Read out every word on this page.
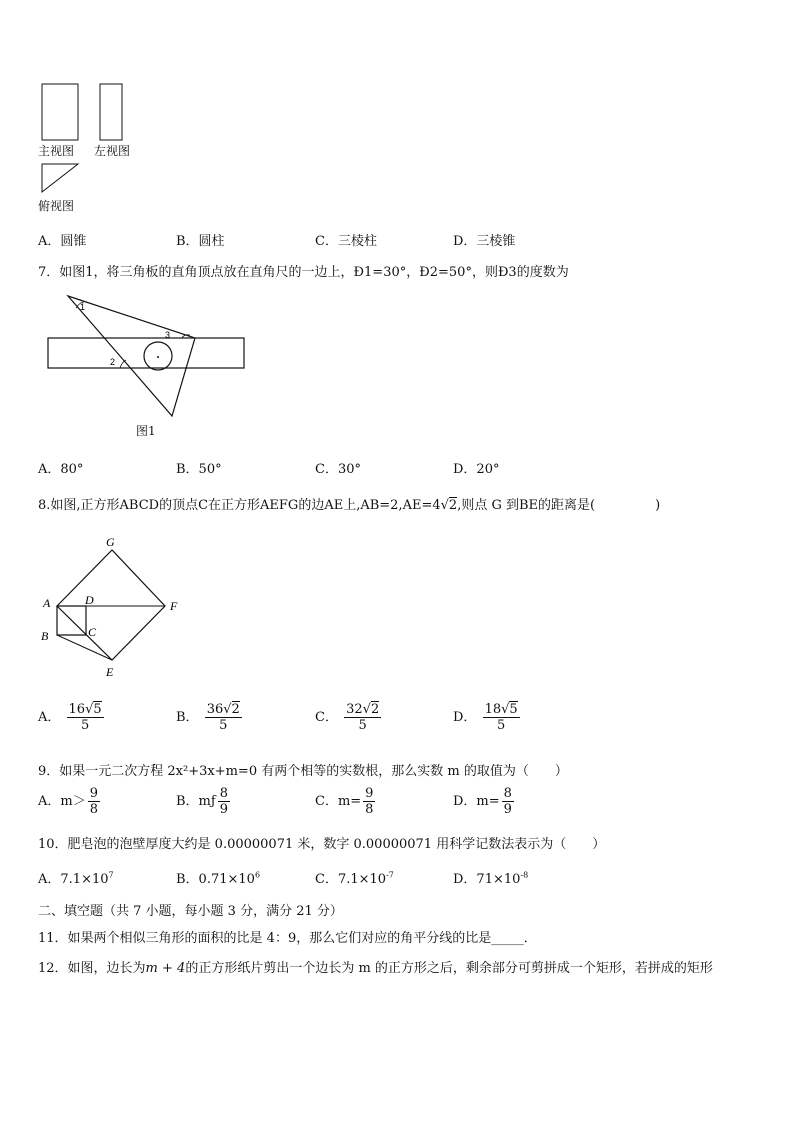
主视图 左视图
俯视图
A．圆锥	B．圆柱	C．三棱柱	D．三棱锥
7．如图1，将三角板的直角顶点放在直角尺的一边上，Ð1=30°，Ð2=50°，则Ð3的度数为
1
2
3
图1
A．80°	B．50°	C．30°	D．20°
8.如图,正方形ABCD的顶点C在正方形AEFG的边AE上,AB=2,AE=4√2,则点 G 到BE的距离是(	)
G
A	D	F
B	C
E
A． $\frac{16√5}{5}$	B． $\frac{36√2}{5}$	C． $\frac{32√2}{5}$	D． $\frac{18√5}{5}$
9．如果一元二次方程 2x²+3x+m=0 有两个相等的实数根，那么实数 m 的取值为（　　）
A．$m> \frac{9}{8}$	B．mƒ $\frac{8}{9}$	C．$m= \frac{9}{8}$	D．$m= \frac{8}{9}$
10．肥皂泡的泡壁厚度大约是 0.00000071 米，数字 0.00000071 用科学记数法表示为（　　）
A．$7.1\times 10^7$	B．$0.71\times 10^6$	C．$7.1\times 10^{-7}$	D．$71\times 10^{-8}$
二、填空题（共 7 小题，每小题 3 分，满分 21 分）
11．如果两个相似三角形的面积的比是 4：9，那么它们对应的角平分线的比是_____．
12．如图，边长为m + 4的正方形纸片剪出一个边长为 m 的正方形之后，剩余部分可剪拼成一个矩形，若拼成的矩形
